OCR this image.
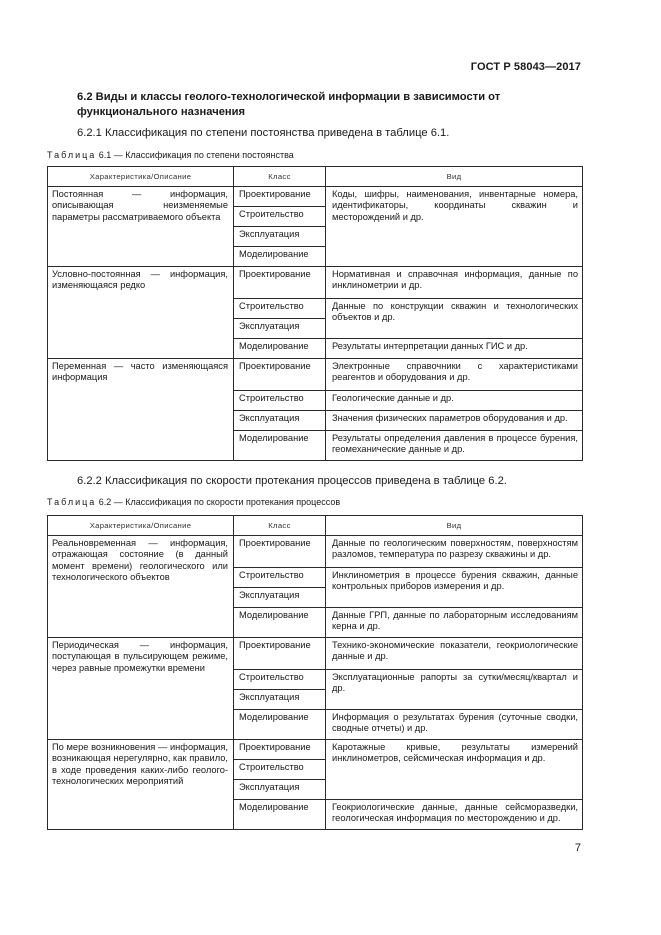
ГОСТ Р 58043—2017
6.2 Виды и классы геолого-технологической информации в зависимости от функционального назначения
6.2.1 Классификация по степени постоянства приведена в таблице 6.1.
Таблица 6.1 — Классификация по степени постоянства
Характеристика/Описание	Класс	Вид
Постоянная — информация, описывающая неизменяемые параметры рассматриваемого объекта	Проектирование	Коды, шифры, наименования, инвентарные номера, идентификаторы, координаты скважин и месторождений и др.
	Строительство	
	Эксплуатация	
	Моделирование	
Условно-постоянная — информация, изменяющаяся редко	Проектирование	Нормативная и справочная информация, данные по инклинометрии и др.
	Строительство	Данные по конструкции скважин и технологических объектов и др.
	Эксплуатация	
	Моделирование	Результаты интерпретации данных ГИС и др.
Переменная — часто изменяющаяся информация	Проектирование	Электронные справочники с характеристиками реагентов и оборудования и др.
	Строительство	Геологические данные и др.
	Эксплуатация	Значения физических параметров оборудования и др.
	Моделирование	Результаты определения давления в процессе бурения, геомеханические данные и др.
6.2.2 Классификация по скорости протекания процессов приведена в таблице 6.2.
Таблица 6.2 — Классификация по скорости протекания процессов
Характеристика/Описание	Класс	Вид
Реальновременная — информация, отражающая состояние (в данный момент времени) геологического или технологического объектов	Проектирование	Данные по геологическим поверхностям, поверхностям разломов, температура по разрезу скважины и др.
	Строительство	Инклинометрия в процессе бурения скважин, данные контрольных приборов измерения и др.
	Эксплуатация	
	Моделирование	Данные ГРП, данные по лабораторным исследованиям керна и др.
Периодическая — информация, поступающая в пульсирующем режиме, через равные промежутки времени	Проектирование	Технико-экономические показатели, геокриологические данные и др.
	Строительство	Эксплуатационные рапорты за сутки/месяц/квартал и др.
	Эксплуатация	
	Моделирование	Информация о результатах бурения (суточные сводки, сводные отчеты) и др.
По мере возникновения — информация, возникающая нерегулярно, как правило, в ходе проведения каких-либо геолого-технологических мероприятий	Проектирование	Каротажные кривые, результаты измерений инклинометров, сейсмическая информация и др.
	Строительство	
	Эксплуатация	
	Моделирование	Геокриологические данные, данные сейсморазведки, геологическая информация по месторождению и др.
7
